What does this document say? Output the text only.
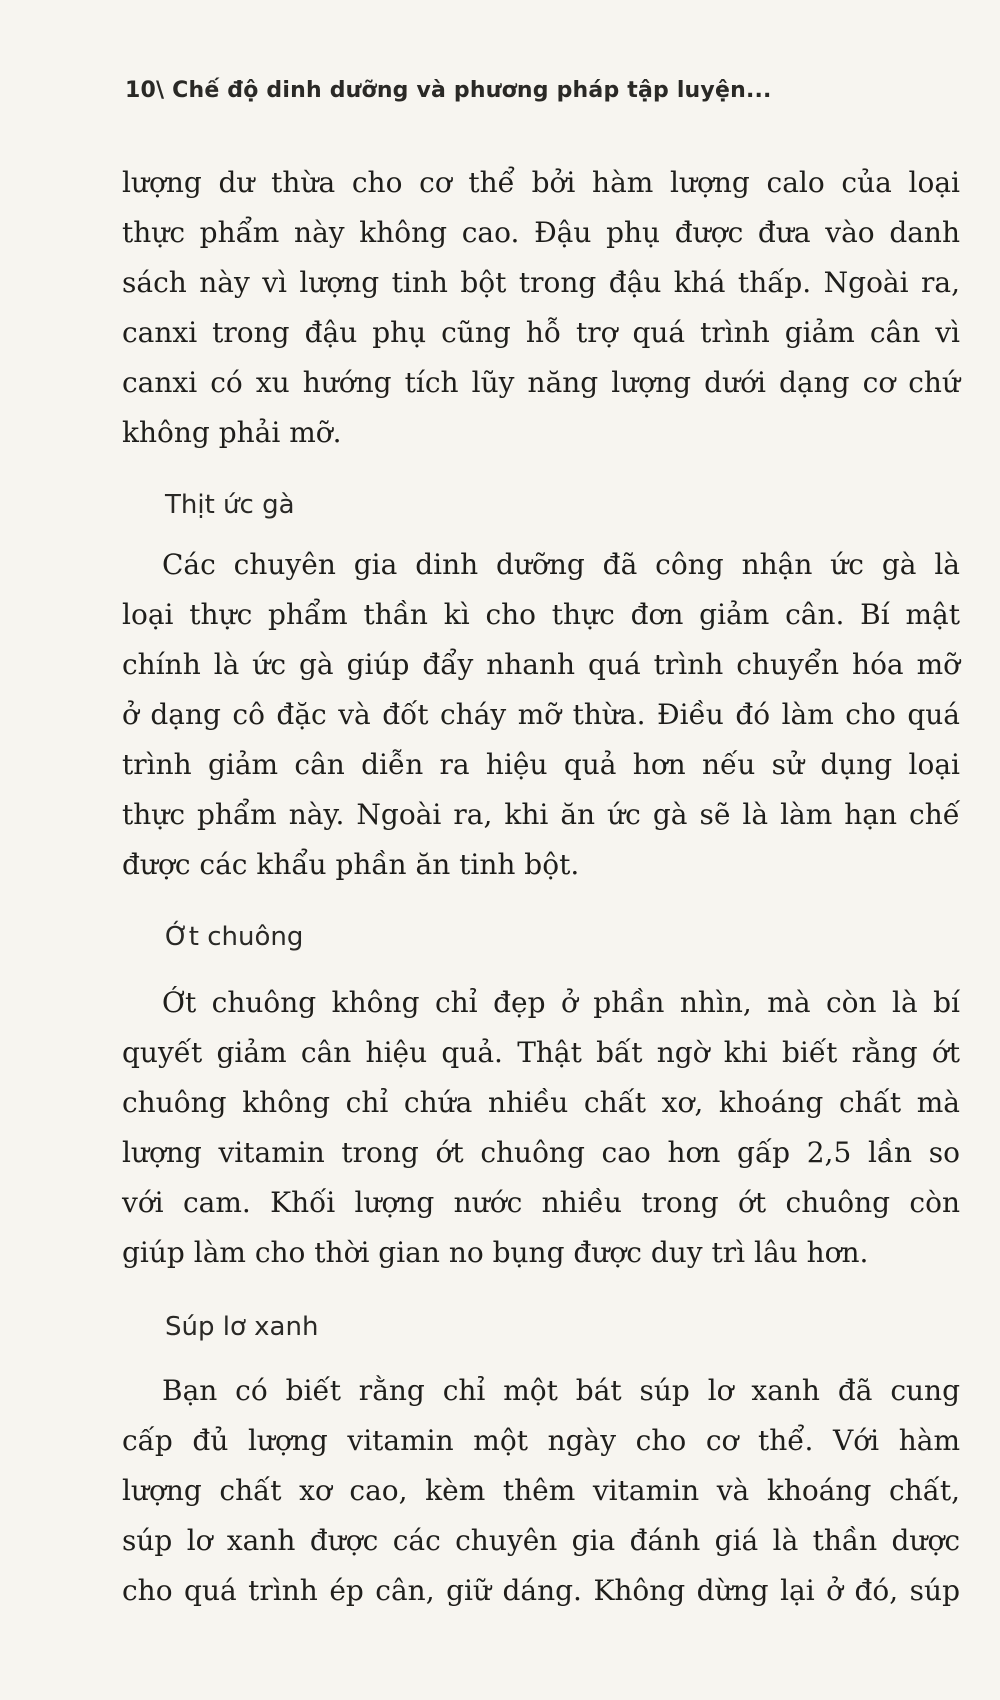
10\ Chế độ dinh dưỡng và phương pháp tập luyện...
lượng dư thừa cho cơ thể bởi hàm lượng calo của loại
thực phẩm này không cao. Đậu phụ được đưa vào danh
sách này vì lượng tinh bột trong đậu khá thấp. Ngoài ra,
canxi trong đậu phụ cũng hỗ trợ quá trình giảm cân vì
canxi có xu hướng tích lũy năng lượng dưới dạng cơ chứ
không phải mỡ.
Thịt ức gà
Các chuyên gia dinh dưỡng đã công nhận ức gà là
loại thực phẩm thần kì cho thực đơn giảm cân. Bí mật
chính là ức gà giúp đẩy nhanh quá trình chuyển hóa mỡ
ở dạng cô đặc và đốt cháy mỡ thừa. Điều đó làm cho quá
trình giảm cân diễn ra hiệu quả hơn nếu sử dụng loại
thực phẩm này. Ngoài ra, khi ăn ức gà sẽ là làm hạn chế
được các khẩu phần ăn tinh bột.
Ớt chuông
Ớt chuông không chỉ đẹp ở phần nhìn, mà còn là bí
quyết giảm cân hiệu quả. Thật bất ngờ khi biết rằng ớt
chuông không chỉ chứa nhiều chất xơ, khoáng chất mà
lượng vitamin trong ớt chuông cao hơn gấp 2,5 lần so
với cam. Khối lượng nước nhiều trong ớt chuông còn
giúp làm cho thời gian no bụng được duy trì lâu hơn.
Súp lơ xanh
Bạn có biết rằng chỉ một bát súp lơ xanh đã cung
cấp đủ lượng vitamin một ngày cho cơ thể. Với hàm
lượng chất xơ cao, kèm thêm vitamin và khoáng chất,
súp lơ xanh được các chuyên gia đánh giá là thần dược
cho quá trình ép cân, giữ dáng. Không dừng lại ở đó, súp
